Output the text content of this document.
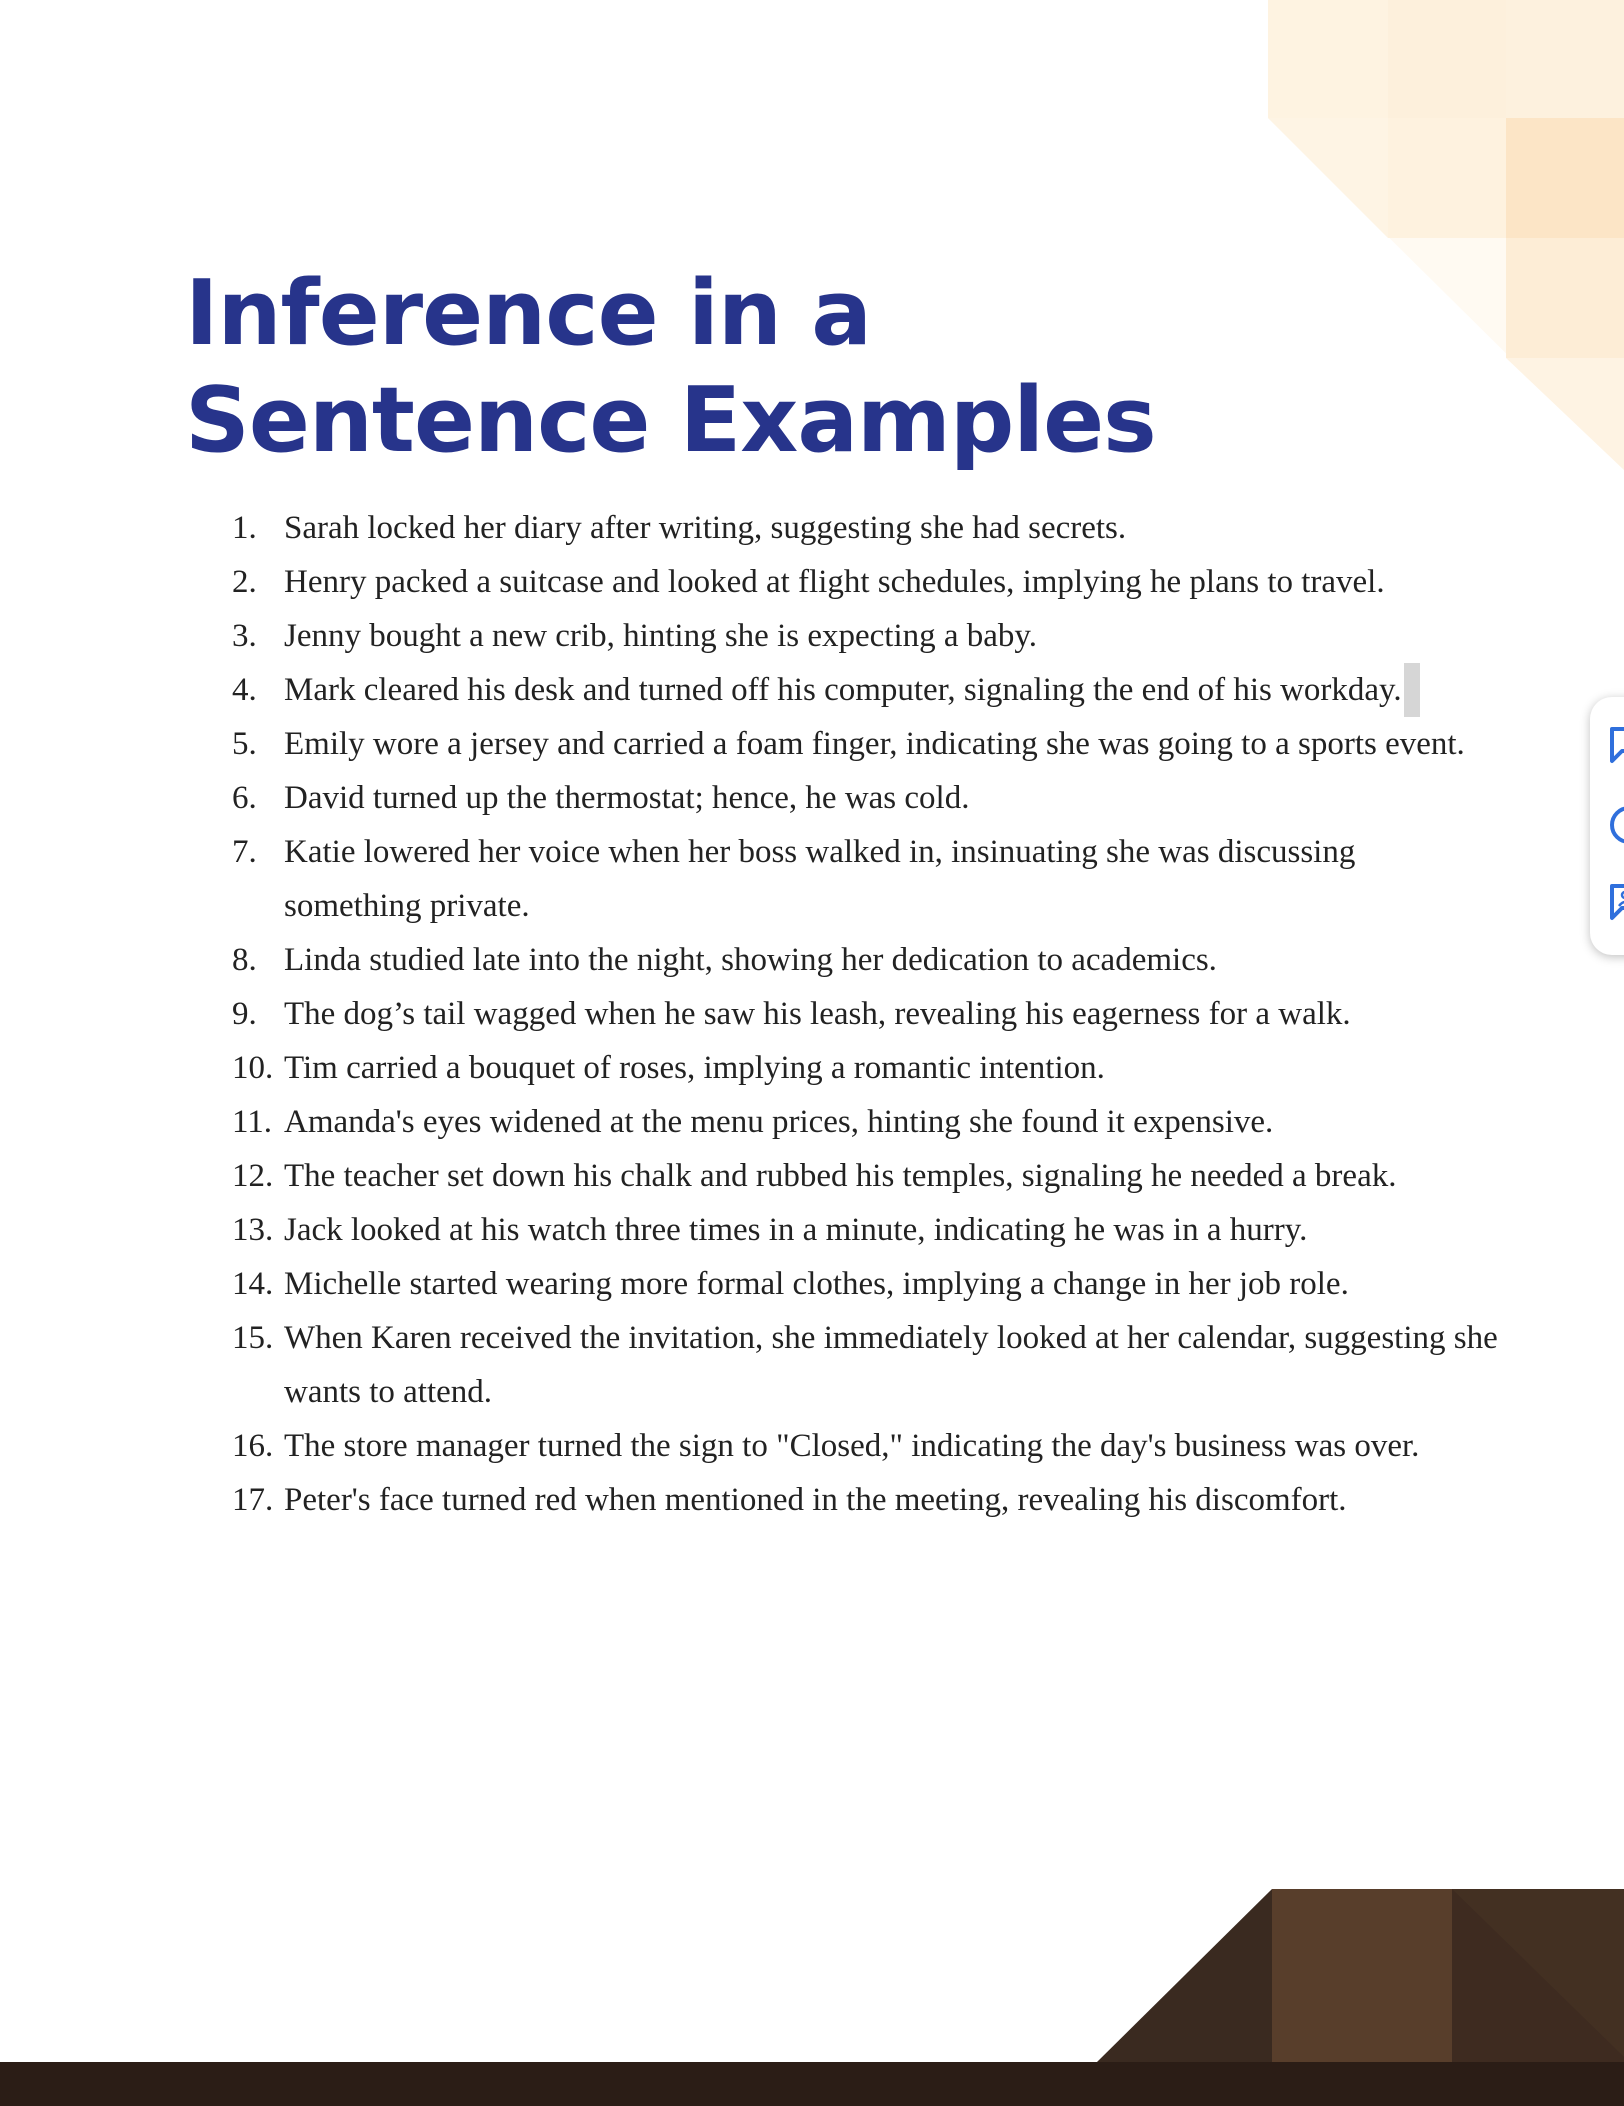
Inference in a
Sentence Examples
1. Sarah locked her diary after writing, suggesting she had secrets.
2. Henry packed a suitcase and looked at flight schedules, implying he plans to travel.
3. Jenny bought a new crib, hinting she is expecting a baby.
4. Mark cleared his desk and turned off his computer, signaling the end of his workday.
5. Emily wore a jersey and carried a foam finger, indicating she was going to a sports event.
6. David turned up the thermostat; hence, he was cold.
7. Katie lowered her voice when her boss walked in, insinuating she was discussing something private.
8. Linda studied late into the night, showing her dedication to academics.
9. The dog’s tail wagged when he saw his leash, revealing his eagerness for a walk.
10. Tim carried a bouquet of roses, implying a romantic intention.
11. Amanda's eyes widened at the menu prices, hinting she found it expensive.
12. The teacher set down his chalk and rubbed his temples, signaling he needed a break.
13. Jack looked at his watch three times in a minute, indicating he was in a hurry.
14. Michelle started wearing more formal clothes, implying a change in her job role.
15. When Karen received the invitation, she immediately looked at her calendar, suggesting she wants to attend.
16. The store manager turned the sign to "Closed," indicating the day's business was over.
17. Peter's face turned red when mentioned in the meeting, revealing his discomfort.
